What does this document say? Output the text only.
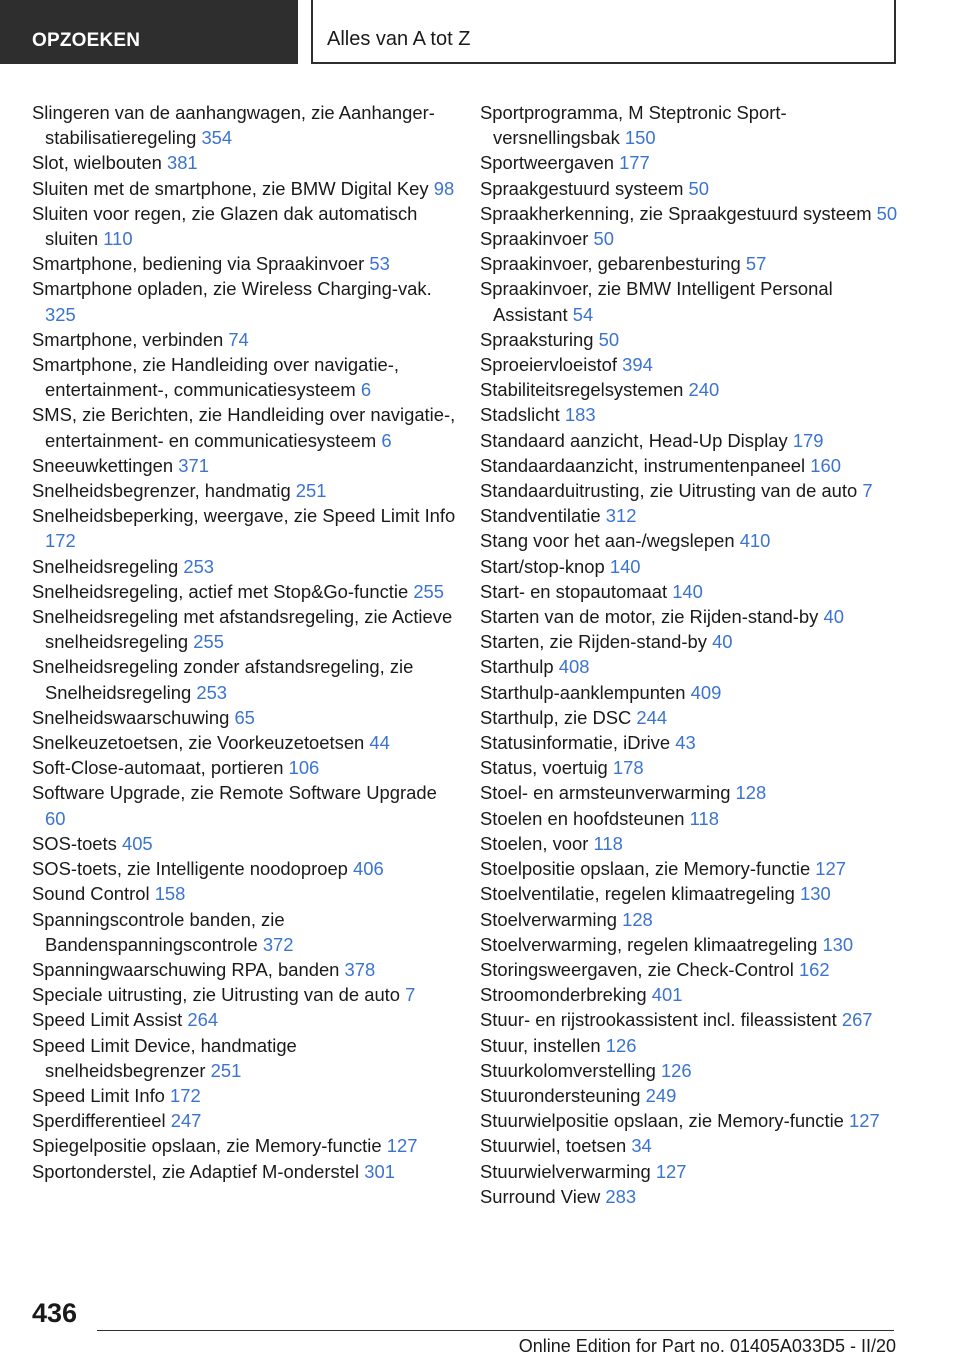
OPZOEKEN	Alles van A tot Z

Slingeren van de aanhangwagen, zie Aanhanger-stabilisatieregeling 354

Slot, wielbouten 381

Sluiten met de smartphone, zie BMW Digital Key 98

Sluiten voor regen, zie Glazen dak automatisch sluiten 110

Smartphone, bediening via Spraakinvoer 53

Smartphone opladen, zie Wireless Charging-vak. 325

Smartphone, verbinden 74

Smartphone, zie Handleiding over navigatie-, entertainment-, communicatiesysteem 6

SMS, zie Berichten, zie Handleiding over navigatie-, entertainment- en communicatiesysteem 6

Sneeuwkettingen 371

Snelheidsbegrenzer, handmatig 251

Snelheidsbeperking, weergave, zie Speed Limit Info 172

Snelheidsregeling 253

Snelheidsregeling, actief met Stop&Go-functie 255

Snelheidsregeling met afstandsregeling, zie Actieve snelheidsregeling 255

Snelheidsregeling zonder afstandsregeling, zie Snelheidsregeling 253

Snelheidswaarschuwing 65

Snelkeuzetoetsen, zie Voorkeuzetoetsen 44

Soft-Close-automaat, portieren 106

Software Upgrade, zie Remote Software Upgrade 60

SOS-toets 405

SOS-toets, zie Intelligente noodoproep 406

Sound Control 158

Spanningscontrole banden, zie Bandenspanningscontrole 372

Spanningwaarschuwing RPA, banden 378

Speciale uitrusting, zie Uitrusting van de auto 7

Speed Limit Assist 264

Speed Limit Device, handmatige snelheidsbegrenzer 251

Speed Limit Info 172

Sperdifferentieel 247

Spiegelpositie opslaan, zie Memory-functie 127

Sportonderstel, zie Adaptief M-onderstel 301

Sportprogramma, M Steptronic Sport-versnellingsbak 150

Sportweergaven 177

Spraakgestuurd systeem 50

Spraakherkenning, zie Spraakgestuurd systeem 50

Spraakinvoer 50

Spraakinvoer, gebarenbesturing 57

Spraakinvoer, zie BMW Intelligent Personal Assistant 54

Spraaksturing 50

Sproeiervloeistof 394

Stabiliteitsregelsystemen 240

Stadslicht 183

Standaard aanzicht, Head-Up Display 179

Standaardaanzicht, instrumentenpaneel 160

Standaarduitrusting, zie Uitrusting van de auto 7

Standventilatie 312

Stang voor het aan-/wegslepen 410

Start/stop-knop 140

Start- en stopautomaat 140

Starten van de motor, zie Rijden-stand-by 40

Starten, zie Rijden-stand-by 40

Starthulp 408

Starthulp-aanklempunten 409

Starthulp, zie DSC 244

Statusinformatie, iDrive 43

Status, voertuig 178

Stoel- en armsteunverwarming 128

Stoelen en hoofdsteunen 118

Stoelen, voor 118

Stoelpositie opslaan, zie Memory-functie 127

Stoelventilatie, regelen klimaatregeling 130

Stoelverwarming 128

Stoelverwarming, regelen klimaatregeling 130

Storingsweergaven, zie Check-Control 162

Stroomonderbreking 401

Stuur- en rijstrookassistent incl. fileassistent 267

Stuur, instellen 126

Stuurkolomverstelling 126

Stuurondersteuning 249

Stuurwielpositie opslaan, zie Memory-functie 127

Stuurwiel, toetsen 34

Stuurwielverwarming 127

Surround View 283

436
Online Edition for Part no. 01405A033D5 - II/20
